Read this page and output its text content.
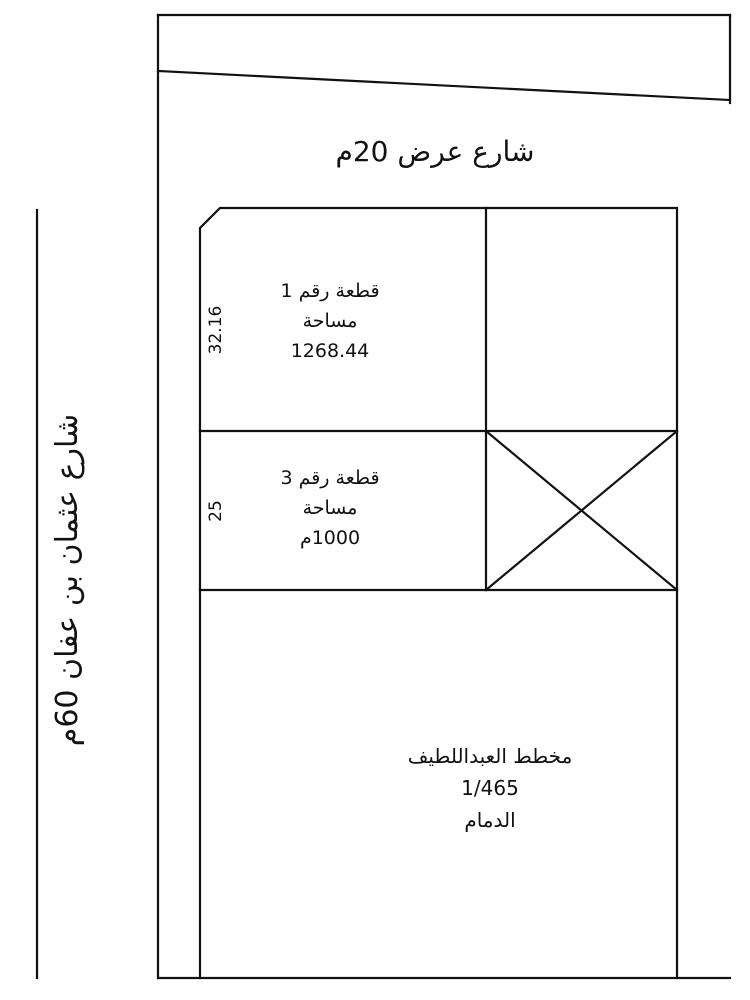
شارع عرض 20م
شارع عثمان بن عفان 60م
قطعة رقم 1
مساحة
1268.44
32.16
قطعة رقم 3
مساحة
1000م
25
مخطط العبداللطيف
1/465
الدمام
